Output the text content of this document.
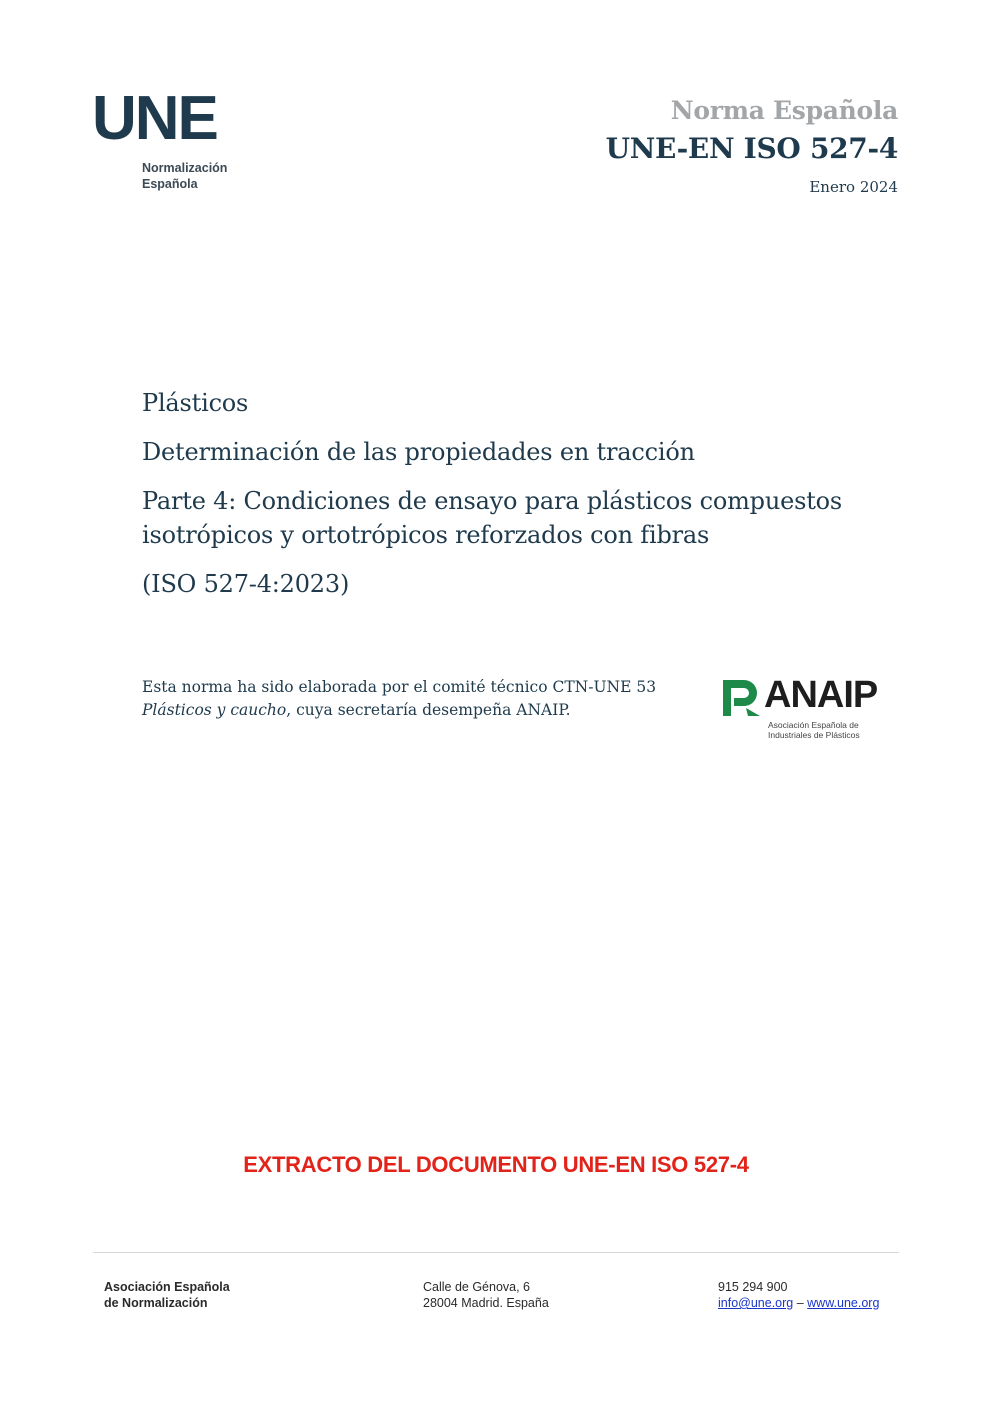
UNE
Normalización
Española
Norma Española
UNE-EN ISO 527-4
Enero 2024
Plásticos
Determinación de las propiedades en tracción
Parte 4: Condiciones de ensayo para plásticos compuestos isotrópicos y ortotrópicos reforzados con fibras
(ISO 527-4:2023)
Esta norma ha sido elaborada por el comité técnico CTN-UNE 53 Plásticos y caucho, cuya secretaría desempeña ANAIP.	ANAIP
Asociación Española de
Industriales de Plásticos
EXTRACTO DEL DOCUMENTO UNE-EN ISO 527-4
Asociación Española
de Normalización
Calle de Génova, 6
28004 Madrid. España
915 294 900
info@une.org – www.une.org
